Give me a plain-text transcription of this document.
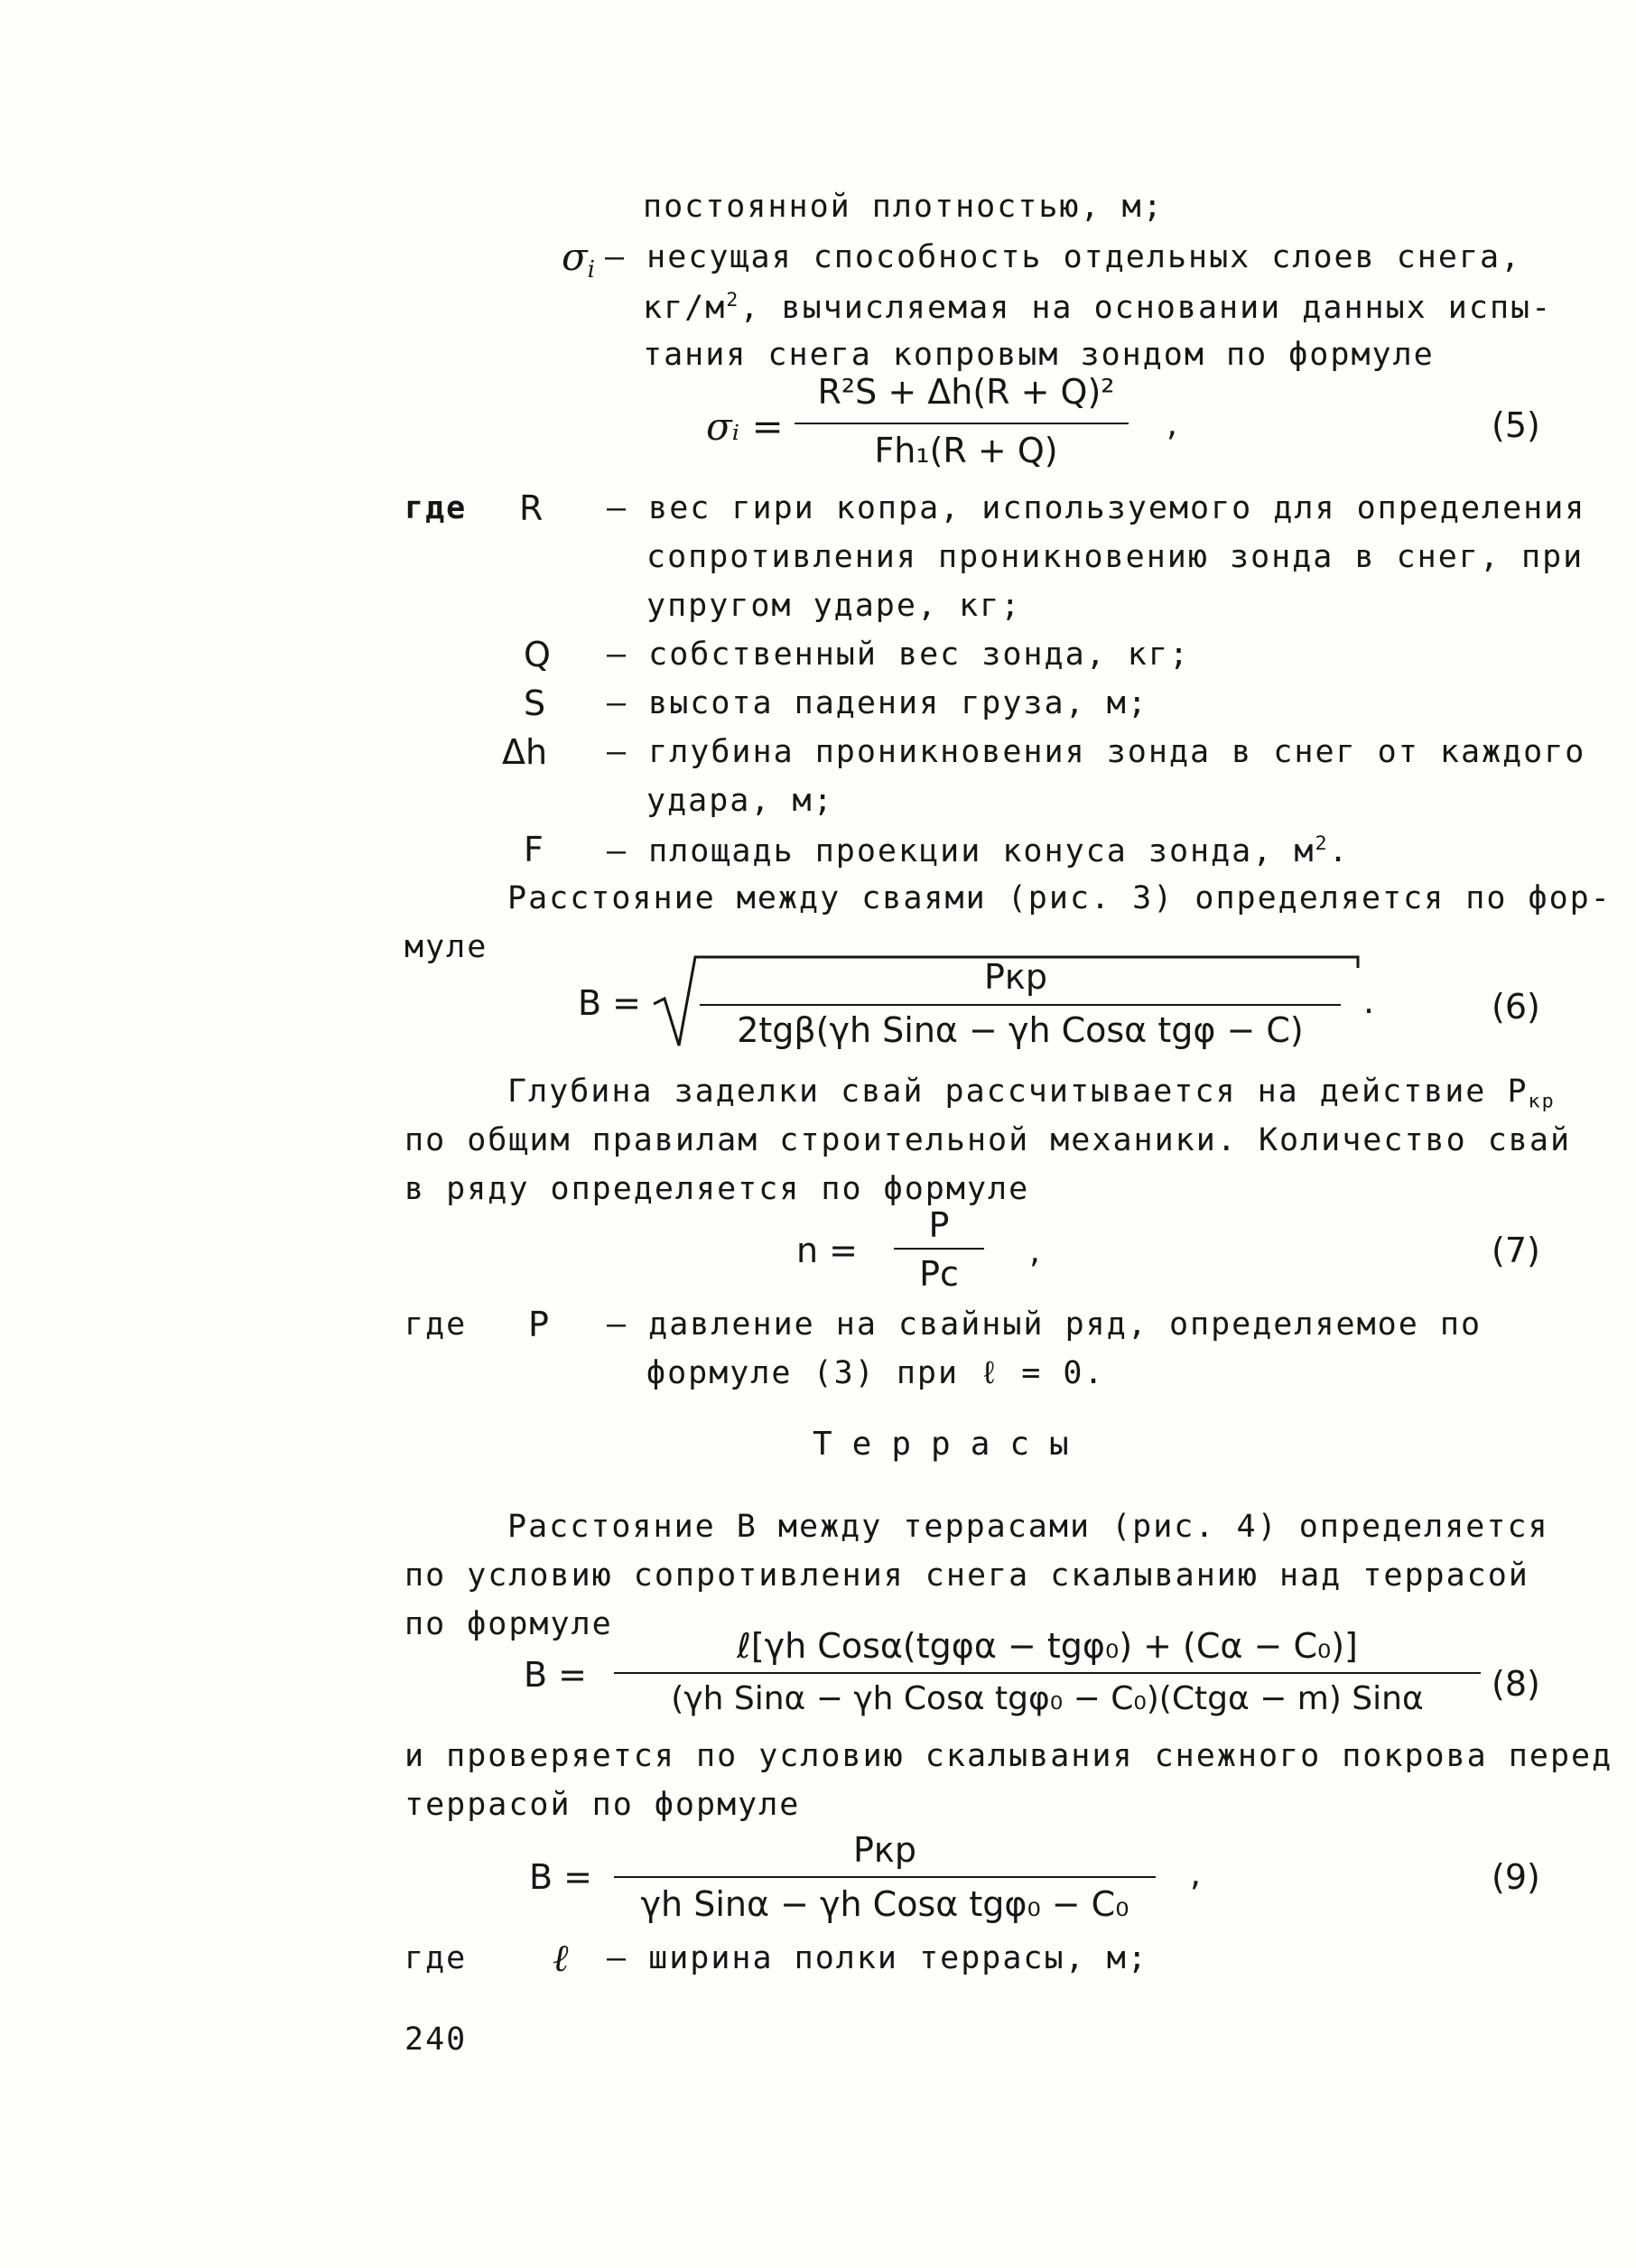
постоянной плотностью, м;
$\sigma_i$ – несущая способность отдельных слоев снега,
$кг/м^2$, вычисляемая на основании данных испы-
тания снега копровым зондом по формуле
σᵢ =
R²S + Δh(R + Q)²
Fh₁(R + Q)
,	(5)
где R – вес гири копра, используемого для определения
сопротивления проникновению зонда в снег, при
упругом ударе, кг;
Q – собственный вес зонда, кг;
S – высота падения груза, м;
Δh – глубина проникновения зонда в снег от каждого
удара, м;
F – площадь проекции конуса зонда, $м^2$.
Расстояние между сваями (рис. 3) определяется по фор-
муле
B =
Pкр
2tgβ(γh Sinα − γh Cosα tgφ − C)
.	(6)
Глубина заделки свай рассчитывается на действие $Р_{кр}$
по общим правилам строительной механики. Количество свай
в ряду определяется по формуле
n =
P
Pс
,	(7)
где P – давление на свайный ряд, определяемое по
формуле (3) при ℓ = 0.
Террасы
Расстояние B между террасами (рис. 4) определяется
по условию сопротивления снега скалыванию над террасой
по формуле
B =
ℓ[γh Cosα(tgφα − tgφ₀) + (Cα − C₀)]
(γh Sinα − γh Cosα tgφ₀ − C₀)(Ctgα − m) Sinα	(8)
и проверяется по условию скалывания снежного покрова перед
террасой по формуле
B =
Pкр
γh Sinα − γh Cosα tgφ₀ − C₀
,	(9)
где ℓ – ширина полки террасы, м;
240
